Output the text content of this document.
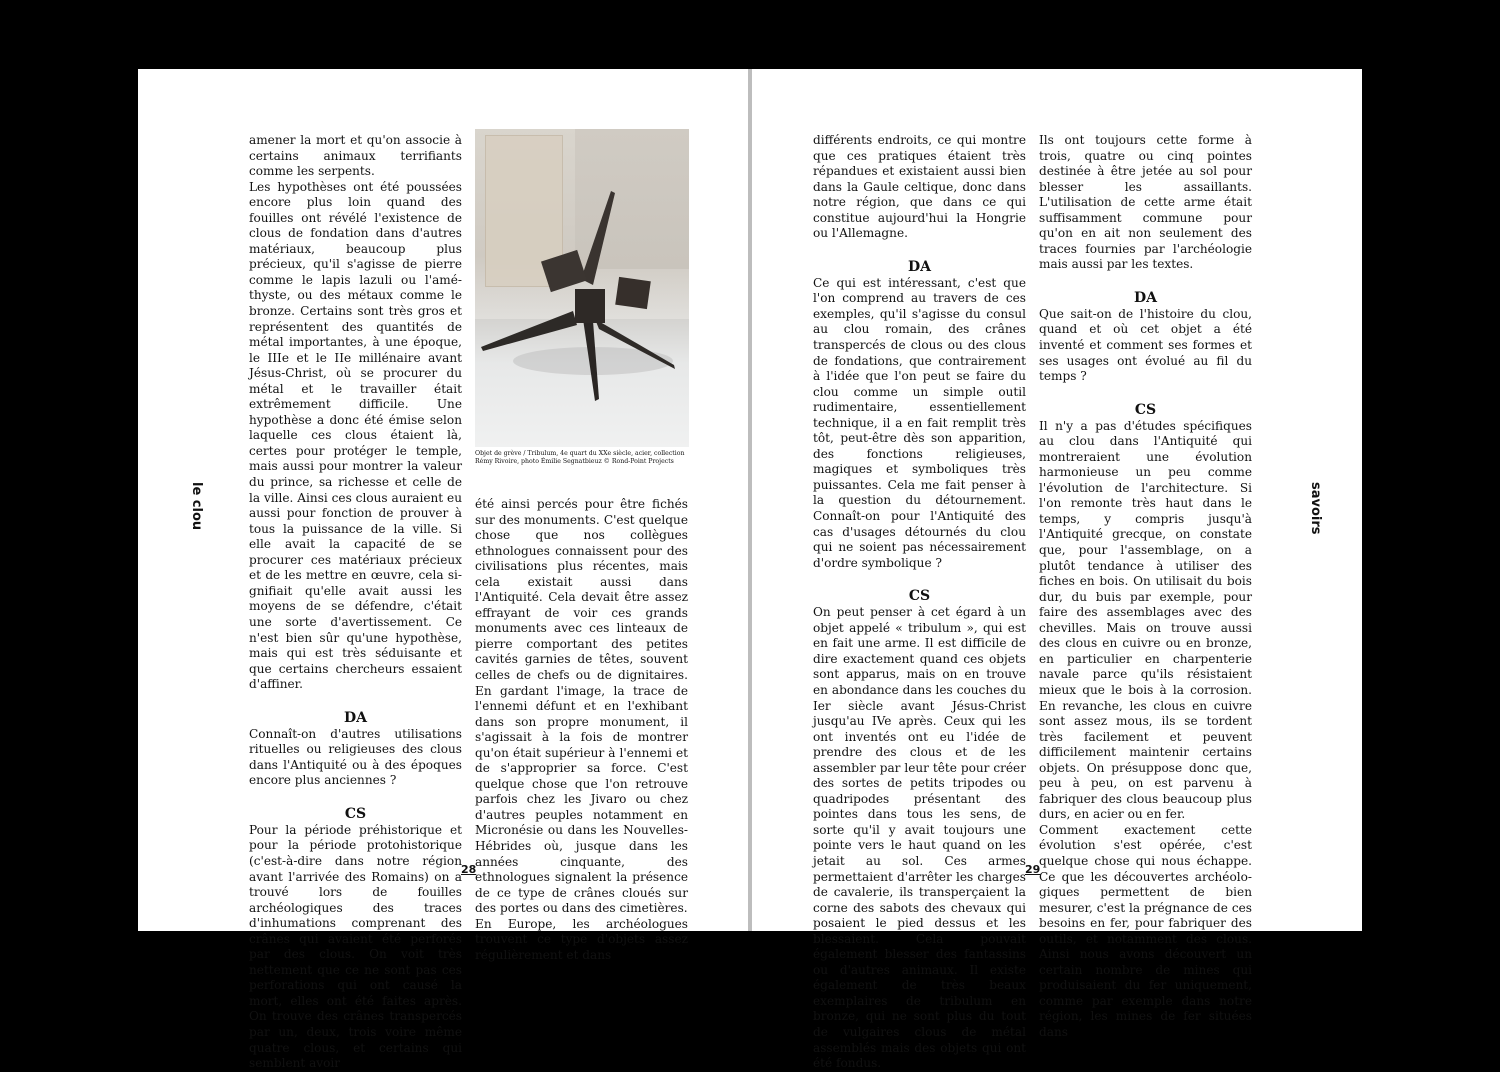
le clou

amener la mort et qu'on associe à certains animaux terrifiants comme les serpents.

Les hypothèses ont été poussées encore plus loin quand des fouilles ont révélé l'existence de clous de fondation dans d'autres matériaux, beaucoup plus précieux, qu'il s'agisse de pierre comme le lapis lazuli ou l'améthyste, ou des métaux comme le bronze. Certains sont très gros et représentent des quantités de métal importantes, à une époque, le IIIe et le IIe millénaire avant Jésus-Christ, où se procurer du métal et le travailler était extrêmement difficile. Une hypothèse a donc été émise selon laquelle ces clous étaient là, certes pour protéger le temple, mais aussi pour montrer la valeur du prince, sa richesse et celle de la ville. Ainsi ces clous auraient eu aussi pour fonction de prouver à tous la puissance de la ville. Si elle avait la capacité de se procurer ces matériaux précieux et de les mettre en œuvre, cela signifiait qu'elle avait aussi les moyens de se défendre, c'était une sorte d'avertissement. Ce n'est bien sûr qu'une hypothèse, mais qui est très séduisante et que certains chercheurs essaient d'affiner.

DA

Connaît-on d'autres utilisations rituelles ou religieuses des clous dans l'Antiquité ou à des époques encore plus anciennes ?

CS

Pour la période préhistorique et pour la période protohistorique (c'est-à-dire dans notre région avant l'arrivée des Romains) on a trouvé lors de fouilles archéologiques des traces d'inhumations comprenant des crânes qui avaient été perforés par des clous. On voit très nettement que ce ne sont pas ces perforations qui ont causé la mort, elles ont été faites après. On trouve des crânes transpercés par un, deux, trois voire même quatre clous, et certains qui semblent avoir

Objet de grève / Tribulum, 4e quart du XXe siècle, acier, collection Rémy Rivoire, photo Émilie Segnatbieuz © Rond-Point Projects

été ainsi percés pour être fichés sur des monuments. C'est quelque chose que nos collègues ethnologues connaissent pour des civilisations plus récentes, mais cela existait aussi dans l'Antiquité. Cela devait être assez effrayant de voir ces grands monuments avec ces linteaux de pierre comportant des petites cavités garnies de têtes, souvent celles de chefs ou de dignitaires. En gardant l'image, la trace de l'ennemi défunt et en l'exhibant dans son propre monument, il s'agissait à la fois de montrer qu'on était supérieur à l'ennemi et de s'approprier sa force. C'est quelque chose que l'on retrouve parfois chez les Jivaro ou chez d'autres peuples notamment en Micronésie ou dans les Nouvelles-Hébrides où, jusque dans les années cinquante, des ethnologues signalent la présence de ce type de crânes cloués sur des portes ou dans des cimetières.

En Europe, les archéologues trouvent ce type d'objets assez régulièrement et dans

28
savoirs

différents endroits, ce qui montre que ces pratiques étaient très répandues et existaient aussi bien dans la Gaule celtique, donc dans notre région, que dans ce qui constitue aujourd'hui la Hongrie ou l'Allemagne.

DA

Ce qui est intéressant, c'est que l'on comprend au travers de ces exemples, qu'il s'agisse du consul au clou romain, des crânes transpercés de clous ou des clous de fondations, que contrairement à l'idée que l'on peut se faire du clou comme un simple outil rudimentaire, essentiellement technique, il a en fait remplit très tôt, peut-être dès son apparition, des fonctions religieuses, magiques et symboliques très puissantes. Cela me fait penser à la question du détournement. Connaît-on pour l'Antiquité des cas d'usages détournés du clou qui ne soient pas nécessairement d'ordre symbolique ?

CS

On peut penser à cet égard à un objet appelé « tribulum », qui est en fait une arme. Il est difficile de dire exactement quand ces objets sont apparus, mais on en trouve en abondance dans les couches du Ier siècle avant Jésus-Christ jusqu'au IVe après. Ceux qui les ont inventés ont eu l'idée de prendre des clous et de les assembler par leur tête pour créer des sortes de petits tripodes ou quadripodes présentant des pointes dans tous les sens, de sorte qu'il y avait toujours une pointe vers le haut quand on les jetait au sol. Ces armes permettaient d'arrêter les charges de cavalerie, ils transperçaient la corne des sabots des chevaux qui posaient le pied dessus et les blessaient. Cela pouvait également blesser des fantassins ou d'autres animaux. Il existe également de très beaux exemplaires de tribulum en bronze, qui ne sont plus du tout de vulgaires clous de métal assemblés mais des objets qui ont été fondus.

Ils ont toujours cette forme à trois, quatre ou cinq pointes destinée à être jetée au sol pour blesser les assaillants. L'utilisation de cette arme était suffisamment commune pour qu'on en ait non seulement des traces fournies par l'archéologie mais aussi par les textes.

DA

Que sait-on de l'histoire du clou, quand et où cet objet a été inventé et comment ses formes et ses usages ont évolué au fil du temps ?

CS

Il n'y a pas d'études spécifiques au clou dans l'Antiquité qui montreraient une évolution harmonieuse un peu comme l'évolution de l'architecture. Si l'on remonte très haut dans le temps, y compris jusqu'à l'Antiquité grecque, on constate que, pour l'assemblage, on a plutôt tendance à utiliser des fiches en bois. On utilisait du bois dur, du buis par exemple, pour faire des assemblages avec des chevilles. Mais on trouve aussi des clous en cuivre ou en bronze, en particulier en charpenterie navale parce qu'ils résistaient mieux que le bois à la corrosion. En revanche, les clous en cuivre sont assez mous, ils se tordent très facilement et peuvent difficilement maintenir certains objets. On présuppose donc que, peu à peu, on est parvenu à fabriquer des clous beaucoup plus durs, en acier ou en fer.

Comment exactement cette évolution s'est opérée, c'est quelque chose qui nous échappe. Ce que les découvertes archéologiques permettent de bien mesurer, c'est la prégnance de ces besoins en fer, pour fabriquer des outils, et notamment des clous. Ainsi nous avons découvert un certain nombre de mines qui produisaient du fer uniquement, comme par exemple dans notre région, les mines de fer situées dans

29
